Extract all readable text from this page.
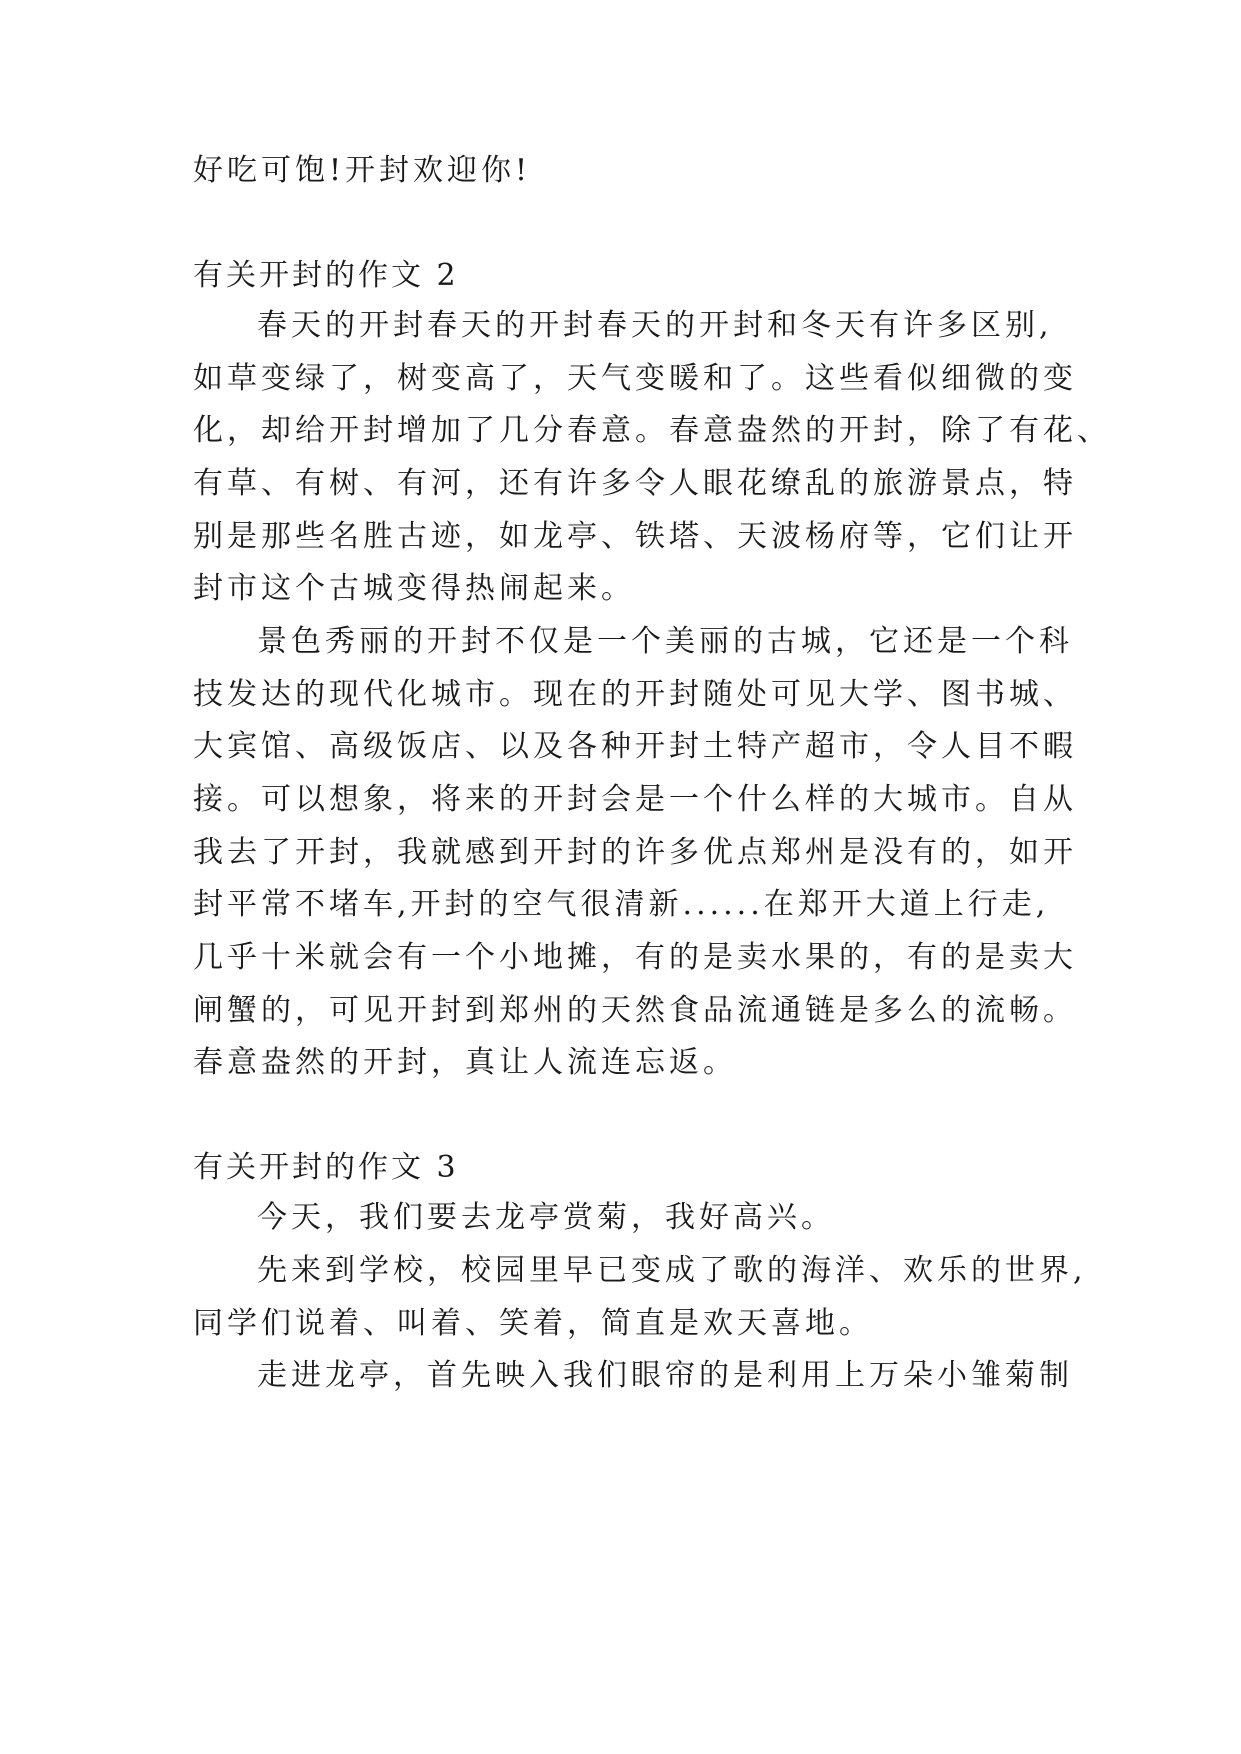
好吃可饱!开封欢迎你!

有关开封的作文 2

春天的开封春天的开封春天的开封和冬天有许多区别,

如草变绿了，树变高了，天气变暖和了。这些看似细微的变

化，却给开封增加了几分春意。春意盎然的开封，除了有花、

有草、有树、有河，还有许多令人眼花缭乱的旅游景点，特

别是那些名胜古迹，如龙亭、铁塔、天波杨府等，它们让开

封市这个古城变得热闹起来。

景色秀丽的开封不仅是一个美丽的古城，它还是一个科

技发达的现代化城市。现在的开封随处可见大学、图书城、

大宾馆、高级饭店、以及各种开封土特产超市，令人目不暇

接。可以想象，将来的开封会是一个什么样的大城市。自从

我去了开封，我就感到开封的许多优点郑州是没有的，如开

封平常不堵车,开封的空气很清新......在郑开大道上行走,

几乎十米就会有一个小地摊，有的是卖水果的，有的是卖大

闸蟹的，可见开封到郑州的天然食品流通链是多么的流畅。

春意盎然的开封，真让人流连忘返。

有关开封的作文 3

今天，我们要去龙亭赏菊，我好高兴。

先来到学校，校园里早已变成了歌的海洋、欢乐的世界,

同学们说着、叫着、笑着，简直是欢天喜地。

走进龙亭，首先映入我们眼帘的是利用上万朵小雏菊制
